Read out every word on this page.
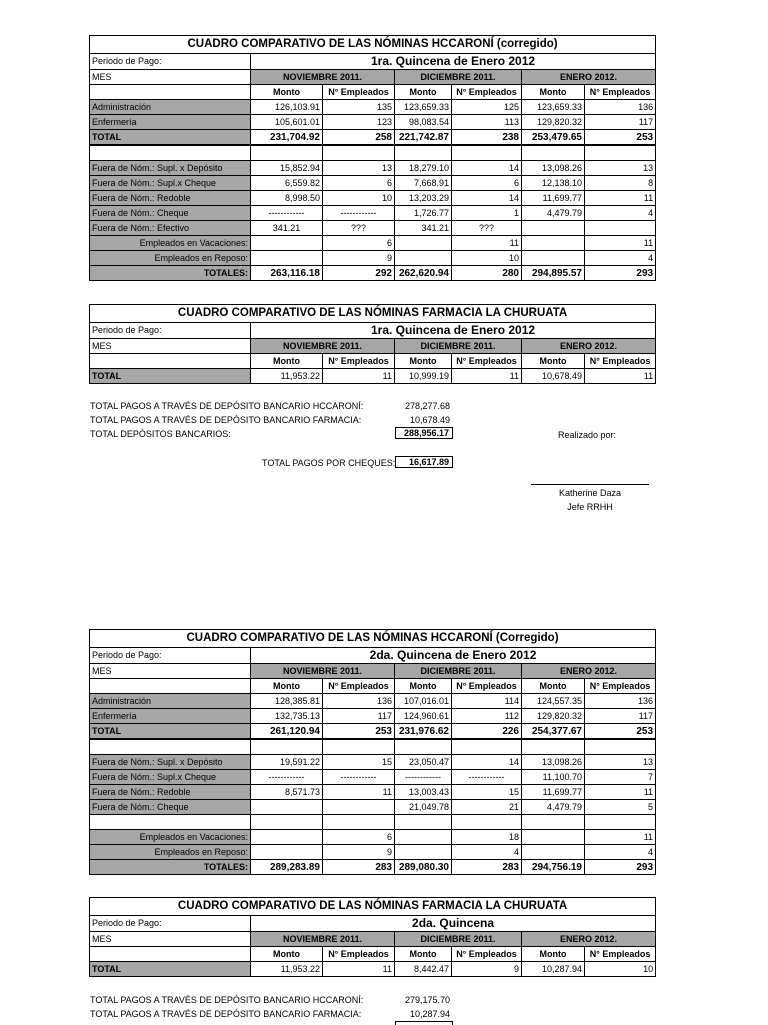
CUADRO COMPARATIVO DE LAS NÓMINAS HCCARONÍ (corregido)						
Periodo de Pago:	1ra. Quincena de Enero 2012					
MES	NOVIEMBRE 2011.		DICIEMBRE 2011.		ENERO 2012.	
	Monto	N° Empleados	Monto	N° Empleados	Monto	N° Empleados
Administración	126,103.91	135	123,659.33	125	123,659.33	136
Enfermería	105,601.01	123	98,083.54	113	129,820.32	117
TOTAL	231,704.92	258	221,742.87	238	253,479.65	253

Fuera de Nóm.: Supl. x Depósito	15,852.94	13	18,279.10	14	13,098.26	13
Fuera de Nóm.: Supl.x Cheque	6,559.82	6	7,668.91	6	12,138.10	8
Fuera de Nóm.: Redoble	8,998.50	10	13,203.29	14	11,699.77	11
Fuera de Nóm.: Cheque	------------	------------	1,726.77	1	4,479.79	4
Fuera de Nóm.: Efectivo	341.21	???	341.21	???		
Empleados en Vacaciones:		6		11		11
Empleados en Reposo:		9		10		4
TOTALES:	263,116.18	292	262,620.94	280	294,895.57	293
CUADRO COMPARATIVO DE LAS NÓMINAS FARMACIA LA CHURUATA						
Periodo de Pago:	1ra. Quincena de Enero 2012					
MES	NOVIEMBRE 2011.		DICIEMBRE 2011.		ENERO 2012.	
	Monto	N° Empleados	Monto	N° Empleados	Monto	N° Empleados
TOTAL	11,953.22	11	10,999.19	11	10,678.49	11
TOTAL PAGOS A TRAVÉS DE DEPÓSITO BANCARIO HCCARONÍ:	278,277.68
TOTAL PAGOS A TRAVÉS DE DEPÓSITO BANCARIO FARMACIA:	10,678.49
TOTAL DEPÓSITOS BANCARIOS:	288,956.17	Realizado por:
TOTAL PAGOS POR CHEQUES:	16,617.89
Katherine Daza
Jefe RRHH
CUADRO COMPARATIVO DE LAS NÓMINAS HCCARONÍ (Corregido)						
Periodo de Pago:	2da. Quincena de Enero 2012					
MES	NOVIEMBRE 2011.		DICIEMBRE 2011.		ENERO 2012.	
	Monto	N° Empleados	Monto	N° Empleados	Monto	N° Empleados
Administración	128,385.81	136	107,016.01	114	124,557.35	136
Enfermería	132,735.13	117	124,960.61	112	129,820.32	117
TOTAL	261,120.94	253	231,976.62	226	254,377.67	253

Fuera de Nóm.: Supl. x Depósito	19,591.22	15	23,050.47	14	13,098.26	13
Fuera de Nóm.: Supl.x Cheque	------------	------------	------------	------------	11,100.70	7
Fuera de Nóm.: Redoble	8,571.73	11	13,003.43	15	11,699.77	11
Fuera de Nóm.: Cheque			21,049.78	21	4,479.79	5

Empleados en Vacaciones:		6		18		11
Empleados en Reposo:		9		4		4
TOTALES:	289,283.89	283	289,080.30	283	294,756.19	293
CUADRO COMPARATIVO DE LAS NÓMINAS FARMACIA LA CHURUATA						
Periodo de Pago:	2da. Quincena					
MES	NOVIEMBRE 2011.		DICIEMBRE 2011.		ENERO 2012.	
	Monto	N° Empleados	Monto	N° Empleados	Monto	N° Empleados
TOTAL	11,953.22	11	8,442.47	9	10,287.94	10
TOTAL PAGOS A TRAVÉS DE DEPÓSITO BANCARIO HCCARONÍ:	279,175.70
TOTAL PAGOS A TRAVÉS DE DEPÓSITO BANCARIO FARMACIA:	10,287.94
